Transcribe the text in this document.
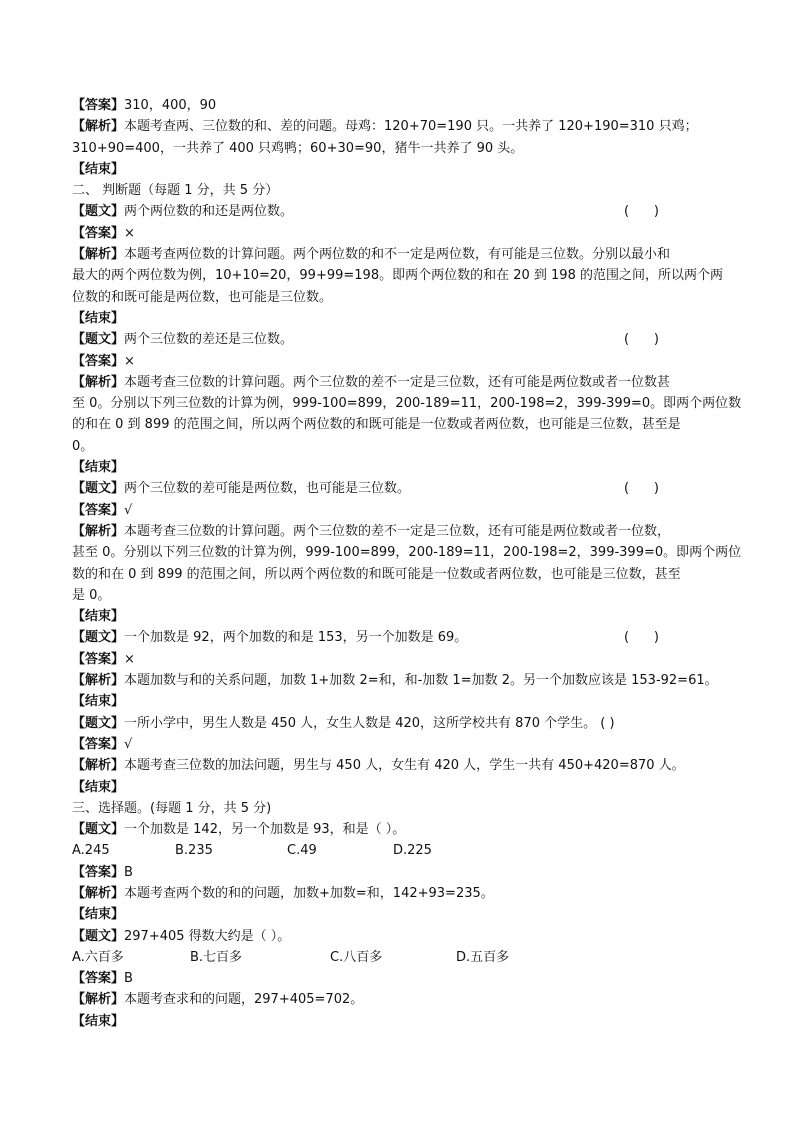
【答案】310，400，90
【解析】本题考查两、三位数的和、差的问题。母鸡：120+70=190 只。一共养了 120+190=310 只鸡；
310+90=400，一共养了 400 只鸡鸭；60+30=90，猪牛一共养了 90 头。
【结束】
二、 判断题（每题 1 分，共 5 分）
【题文】两个两位数的和还是两位数。	(      )
【答案】×
【解析】本题考查两位数的计算问题。两个两位数的和不一定是两位数，有可能是三位数。分别以最小和
最大的两个两位数为例，10+10=20，99+99=198。即两个两位数的和在 20 到 198 的范围之间，所以两个两
位数的和既可能是两位数，也可能是三位数。
【结束】
【题文】两个三位数的差还是三位数。	(      )
【答案】×
【解析】本题考查三位数的计算问题。两个三位数的差不一定是三位数，还有可能是两位数或者一位数甚
至 0。分别以下列三位数的计算为例，999-100=899，200-189=11，200-198=2，399-399=0。即两个两位数
的和在 0 到 899 的范围之间，所以两个两位数的和既可能是一位数或者两位数，也可能是三位数，甚至是
0。
【结束】
【题文】两个三位数的差可能是两位数，也可能是三位数。	(      )
【答案】√
【解析】本题考查三位数的计算问题。两个三位数的差不一定是三位数，还有可能是两位数或者一位数，
甚至 0。分别以下列三位数的计算为例，999-100=899，200-189=11，200-198=2，399-399=0。即两个两位
数的和在 0 到 899 的范围之间，所以两个两位数的和既可能是一位数或者两位数，也可能是三位数，甚至
是 0。
【结束】
【题文】一个加数是 92，两个加数的和是 153，另一个加数是 69。	(      )
【答案】×
【解析】本题加数与和的关系问题，加数 1+加数 2=和，和-加数 1=加数 2。另一个加数应该是 153-92=61。
【结束】
【题文】一所小学中，男生人数是 450 人，女生人数是 420，这所学校共有 870 个学生。 ( )
【答案】√
【解析】本题考查三位数的加法问题，男生与 450 人，女生有 420 人，学生一共有 450+420=870 人。
【结束】
三、选择题。(每题 1 分，共 5 分)
【题文】一个加数是 142，另一个加数是 93，和是（ ）。
A.245	B.235	C.49	D.225
【答案】B
【解析】本题考查两个数的和的问题，加数+加数=和，142+93=235。
【结束】
【题文】297+405 得数大约是（ ）。
A.六百多	B.七百多	C.八百多	D.五百多
【答案】B
【解析】本题考查求和的问题，297+405=702。
【结束】
